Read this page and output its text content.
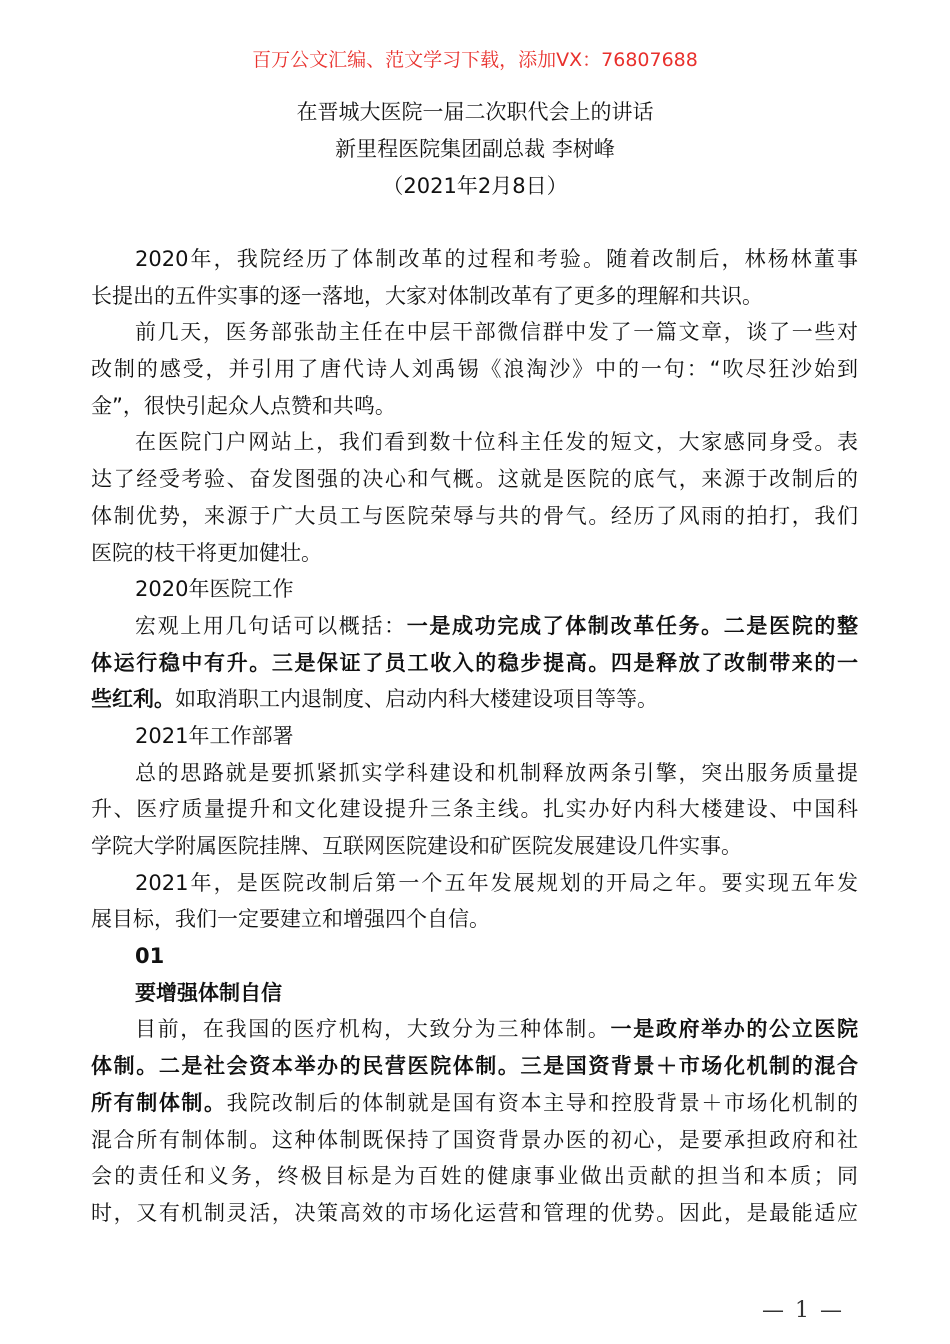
百万公文汇编、范文学习下载，添加VX：76807688
在晋城大医院一届二次职代会上的讲话
新里程医院集团副总裁 李树峰
（2021年2月8日）
2020年，我院经历了体制改革的过程和考验。随着改制后，林杨林董事
长提出的五件实事的逐一落地，大家对体制改革有了更多的理解和共识。
前几天，医务部张劼主任在中层干部微信群中发了一篇文章，谈了一些对
改制的感受，并引用了唐代诗人刘禹锡《浪淘沙》中的一句：“吹尽狂沙始到
金”，很快引起众人点赞和共鸣。
在医院门户网站上，我们看到数十位科主任发的短文，大家感同身受。表
达了经受考验、奋发图强的决心和气概。这就是医院的底气，来源于改制后的
体制优势，来源于广大员工与医院荣辱与共的骨气。经历了风雨的拍打，我们
医院的枝干将更加健壮。
2020年医院工作
宏观上用几句话可以概括：一是成功完成了体制改革任务。二是医院的整
体运行稳中有升。三是保证了员工收入的稳步提高。四是释放了改制带来的一
些红利。如取消职工内退制度、启动内科大楼建设项目等等。
2021年工作部署
总的思路就是要抓紧抓实学科建设和机制释放两条引擎，突出服务质量提
升、医疗质量提升和文化建设提升三条主线。扎实办好内科大楼建设、中国科
学院大学附属医院挂牌、互联网医院建设和矿医院发展建设几件实事。
2021年，是医院改制后第一个五年发展规划的开局之年。要实现五年发
展目标，我们一定要建立和增强四个自信。
01
要增强体制自信
目前，在我国的医疗机构，大致分为三种体制。一是政府举办的公立医院
体制。二是社会资本举办的民营医院体制。三是国资背景＋市场化机制的混合
所有制体制。我院改制后的体制就是国有资本主导和控股背景＋市场化机制的
混合所有制体制。这种体制既保持了国资背景办医的初心，是要承担政府和社
会的责任和义务，终极目标是为百姓的健康事业做出贡献的担当和本质；同
时，又有机制灵活，决策高效的市场化运营和管理的优势。因此，是最能适应
— 1 —
